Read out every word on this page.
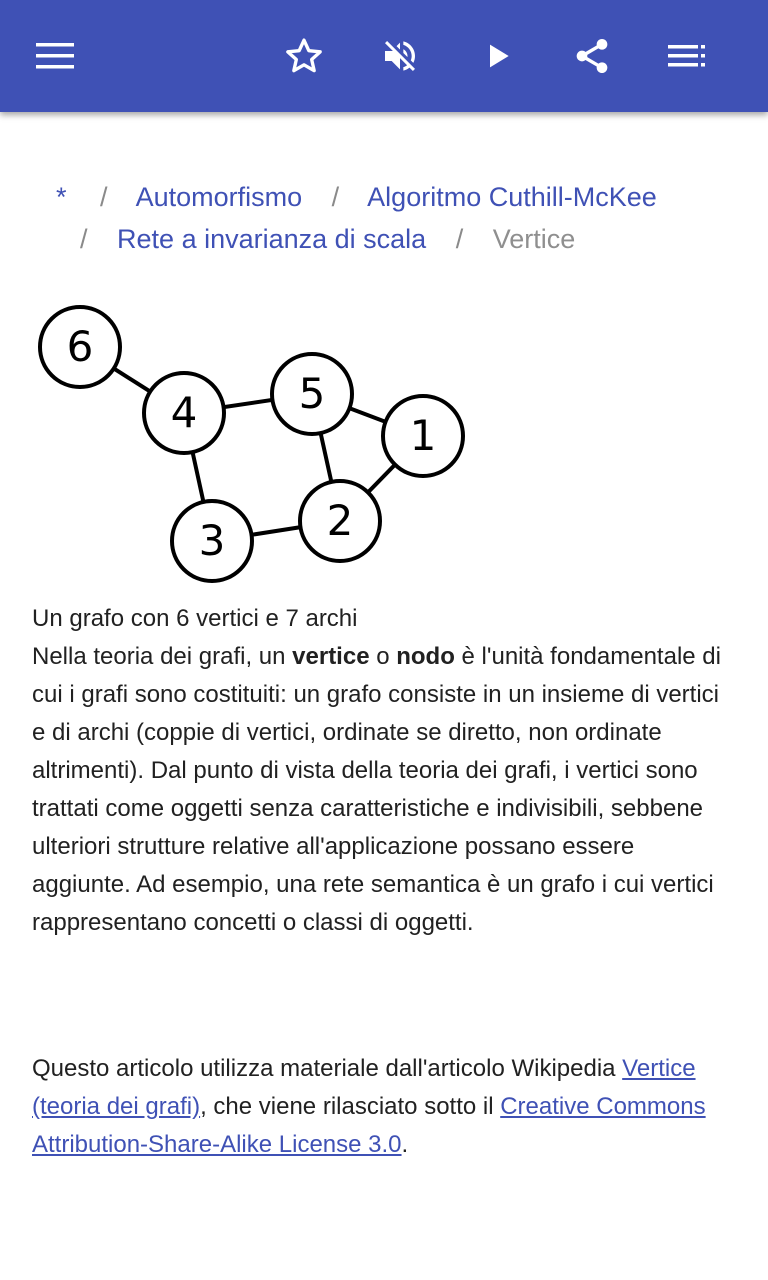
* / Automorfismo / Algoritmo Cuthill-McKee
/ Rete a invarianza di scala / Vertice
6
4 5
1
2
3
Un grafo con 6 vertici e 7 archi
Nella teoria dei grafi, un vertice o nodo è l'unità fondamentale di cui i grafi sono costituiti: un grafo consiste in un insieme di vertici e di archi (coppie di vertici, ordinate se diretto, non ordinate altrimenti). Dal punto di vista della teoria dei grafi, i vertici sono trattati come oggetti senza caratteristiche e indivisibili, sebbene ulteriori strutture relative all'applicazione possano essere aggiunte. Ad esempio, una rete semantica è un grafo i cui vertici rappresentano concetti o classi di oggetti.
Questo articolo utilizza materiale dall'articolo Wikipedia Vertice (teoria dei grafi), che viene rilasciato sotto il Creative Commons Attribution-Share-Alike License 3.0.
